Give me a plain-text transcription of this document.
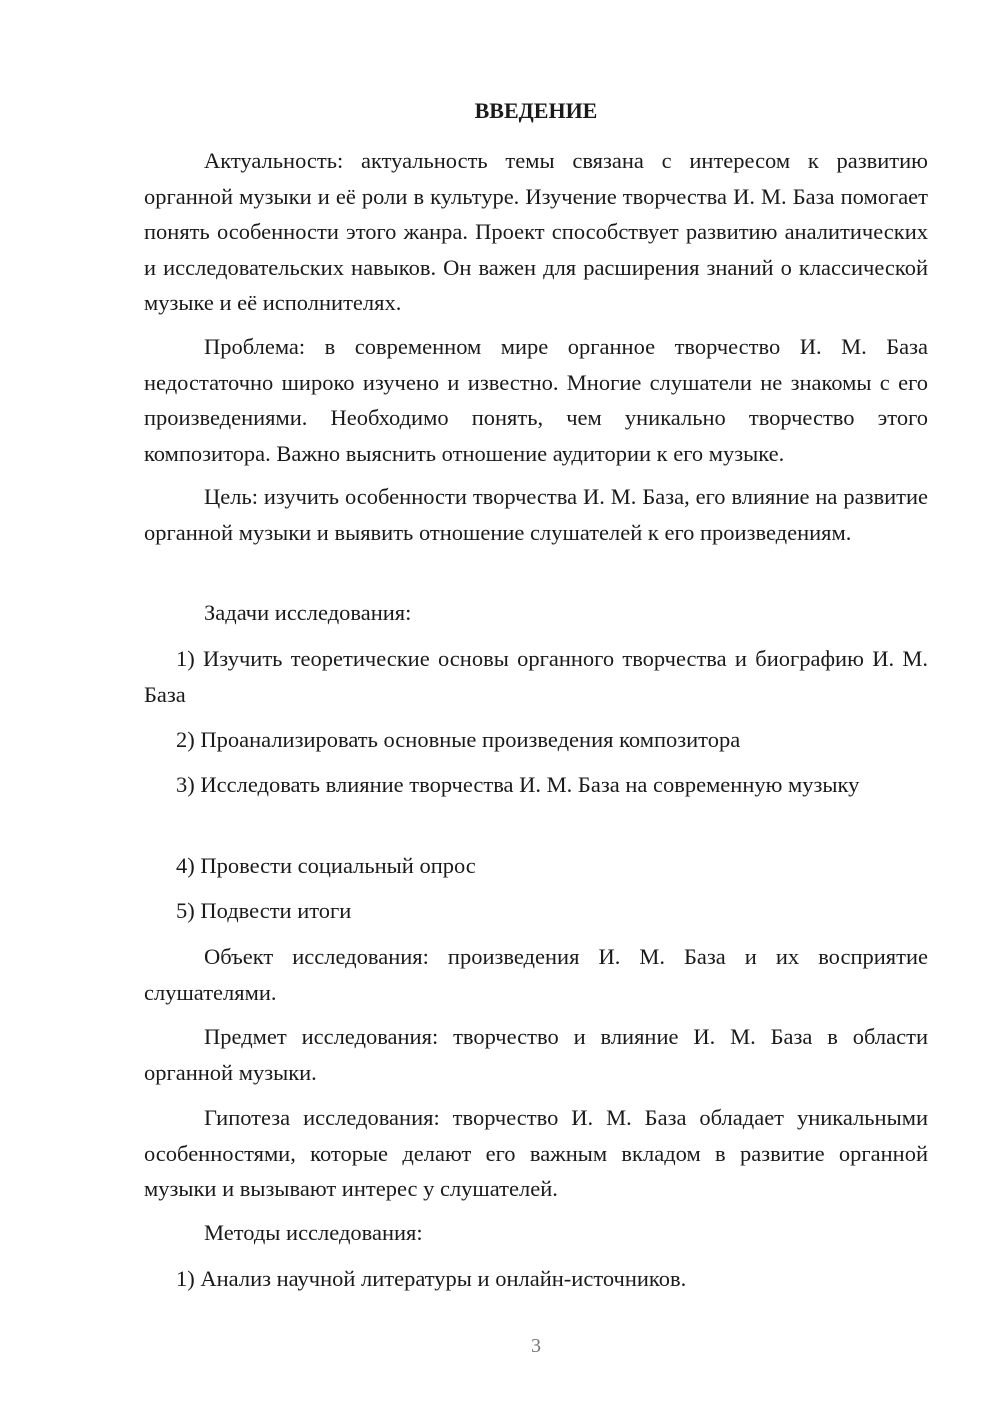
ВВЕДЕНИЕ

Актуальность: актуальность темы связана с интересом к развитию органной музыки и её роли в культуре. Изучение творчества И. М. База помогает понять особенности этого жанра. Проект способствует развитию аналитических и исследовательских навыков. Он важен для расширения знаний о классической музыке и её исполнителях.

Проблема: в современном мире органное творчество И. М. База недостаточно широко изучено и известно. Многие слушатели не знакомы с его произведениями. Необходимо понять, чем уникально творчество этого композитора. Важно выяснить отношение аудитории к его музыке.

Цель: изучить особенности творчества И. М. База, его влияние на развитие органной музыки и выявить отношение слушателей к его произведениям.

Задачи исследования:

1) Изучить теоретические основы органного творчества и биографию И. М. База

2) Проанализировать основные произведения композитора

3) Исследовать влияние творчества И. М. База на современную музыку

4) Провести социальный опрос

5) Подвести итоги

Объект исследования: произведения И. М. База и их восприятие слушателями.

Предмет исследования: творчество и влияние И. М. База в области органной музыки.

Гипотеза исследования: творчество И. М. База обладает уникальными особенностями, которые делают его важным вкладом в развитие органной музыки и вызывают интерес у слушателей.

Методы исследования:

1) Анализ научной литературы и онлайн-источников.

3
